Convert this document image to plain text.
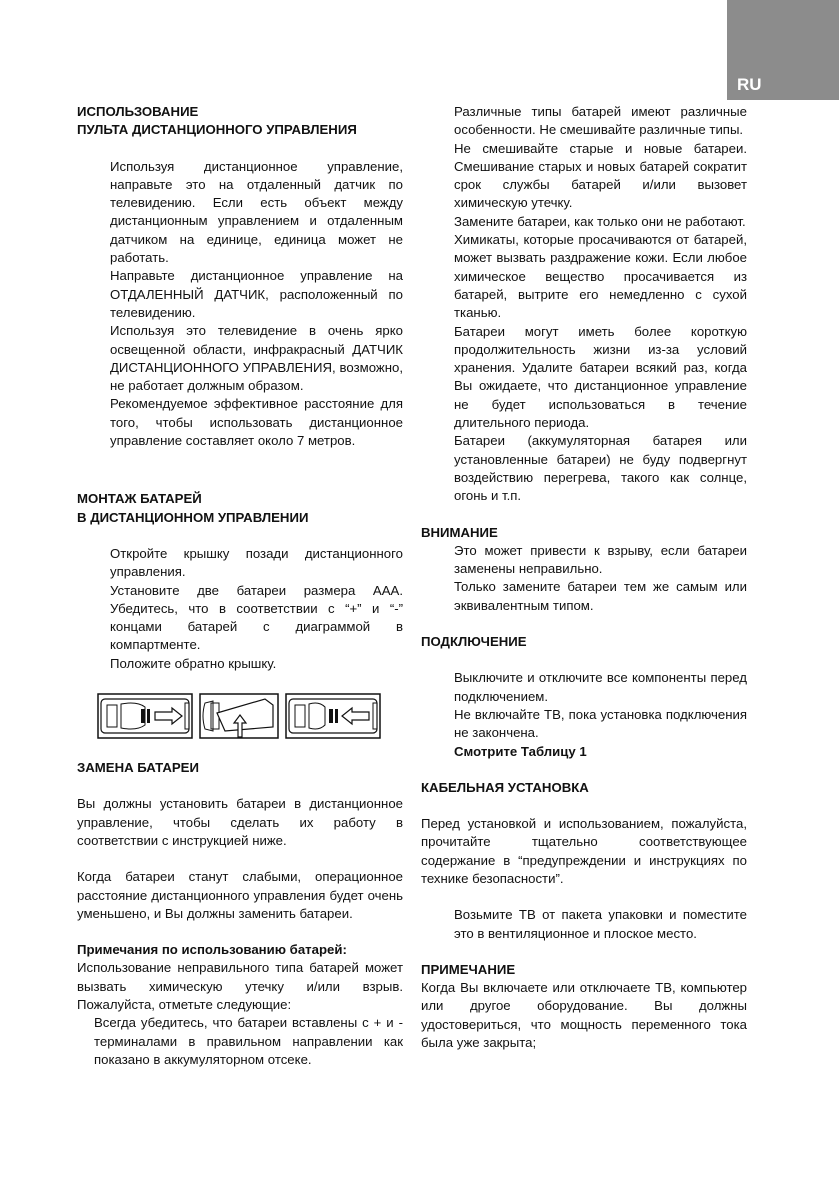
RU

ИСПОЛЬЗОВАНИЕ
ПУЛЬТА ДИСТАНЦИОННОГО УПРАВЛЕНИЯ

Используя дистанционное управление, направьте это на отдаленный датчик по телевидению. Если есть объект между дистанционным управлением и отдаленным датчиком на единице, единица может не работать.

Направьте дистанционное управление на ОТДАЛЕННЫЙ ДАТЧИК, расположенный по телевидению.

Используя это телевидение в очень ярко освещенной области, инфракрасный ДАТЧИК ДИСТАНЦИОННОГО УПРАВЛЕНИЯ, возможно, не работает должным образом.

Рекомендуемое эффективное расстояние для того, чтобы использовать дистанционное управление составляет около 7 метров.

МОНТАЖ БАТАРЕЙ
В ДИСТАНЦИОННОМ УПРАВЛЕНИИ

Откройте крышку позади дистанционного управления.

Установите две батареи размера AAA. Убедитесь, что в соответствии с “+” и “-” концами батарей с диаграммой в компартменте.

Положите обратно крышку.

ЗАМЕНА БАТАРЕИ

Вы должны установить батареи в дистанционное управление, чтобы сделать их работу в соответствии с инструкцией ниже.

Когда батареи станут слабыми, операционное расстояние дистанционного управления будет очень уменьшено, и Вы должны заменить батареи.

Примечания по использованию батарей:

Использование неправильного типа батарей может вызвать химическую утечку и/или взрыв. Пожалуйста, отметьте следующие:

Всегда убедитесь, что батареи вставлены с + и - терминалами в правильном направлении как показано в аккумуляторном отсеке.

Различные типы батарей имеют различные особенности. Не смешивайте различные типы.

Не смешивайте старые и новые батареи. Смешивание старых и новых батарей сократит срок службы батарей и/или вызовет химическую утечку.

Замените батареи, как только они не работают.

Химикаты, которые просачиваются от батарей, может вызвать раздражение кожи. Если любое химическое вещество просачивается из батарей, вытрите его немедленно с сухой тканью.

Батареи могут иметь более короткую продолжительность жизни из-за условий хранения. Удалите батареи всякий раз, когда Вы ожидаете, что дистанционное управление не будет использоваться в течение длительного периода.

Батареи (аккумуляторная батарея или установленные батареи) не буду подвергнут воздействию перегрева, такого как солнце, огонь и т.п.

ВНИМАНИЕ

Это может привести к взрыву, если батареи заменены неправильно.

Только замените батареи тем же самым или эквивалентным типом.

ПОДКЛЮЧЕНИЕ

Выключите и отключите все компоненты перед подключением.

Не включайте ТВ, пока установка подключения не закончена.

Смотрите Таблицу 1

КАБЕЛЬНАЯ УСТАНОВКА

Перед установкой и использованием, пожалуйста, прочитайте тщательно соответствующее содержание в “предупреждении и инструкциях по технике безопасности”.

Возьмите ТВ от пакета упаковки и поместите это в вентиляционное и плоское место.

ПРИМЕЧАНИЕ

Когда Вы включаете или отключаете ТВ, компьютер или другое оборудование. Вы должны удостовериться, что мощность переменного тока была уже закрыта;
